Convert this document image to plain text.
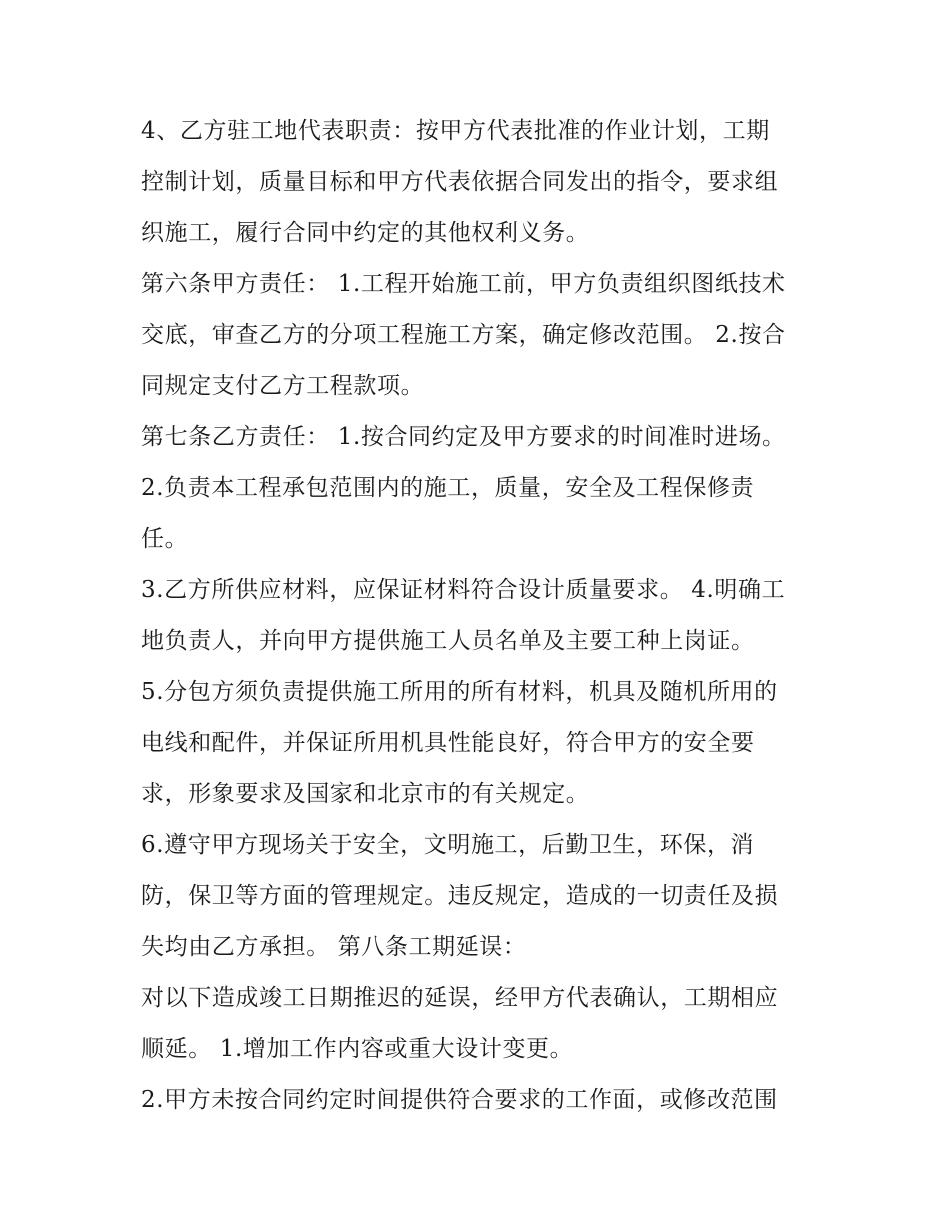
4、乙方驻工地代表职责：按甲方代表批准的作业计划，工期
控制计划，质量目标和甲方代表依据合同发出的指令，要求组
织施工，履行合同中约定的其他权利义务。
第六条甲方责任： 1.工程开始施工前，甲方负责组织图纸技术
交底，审查乙方的分项工程施工方案，确定修改范围。 2.按合
同规定支付乙方工程款项。
第七条乙方责任： 1.按合同约定及甲方要求的时间准时进场。
2.负责本工程承包范围内的施工，质量，安全及工程保修责
任。
3.乙方所供应材料，应保证材料符合设计质量要求。 4.明确工
地负责人，并向甲方提供施工人员名单及主要工种上岗证。
5.分包方须负责提供施工所用的所有材料，机具及随机所用的
电线和配件，并保证所用机具性能良好，符合甲方的安全要
求，形象要求及国家和北京市的有关规定。
6.遵守甲方现场关于安全，文明施工，后勤卫生，环保，消
防，保卫等方面的管理规定。违反规定，造成的一切责任及损
失均由乙方承担。 第八条工期延误：
对以下造成竣工日期推迟的延误，经甲方代表确认，工期相应
顺延。 1.增加工作内容或重大设计变更。
2.甲方未按合同约定时间提供符合要求的工作面，或修改范围
